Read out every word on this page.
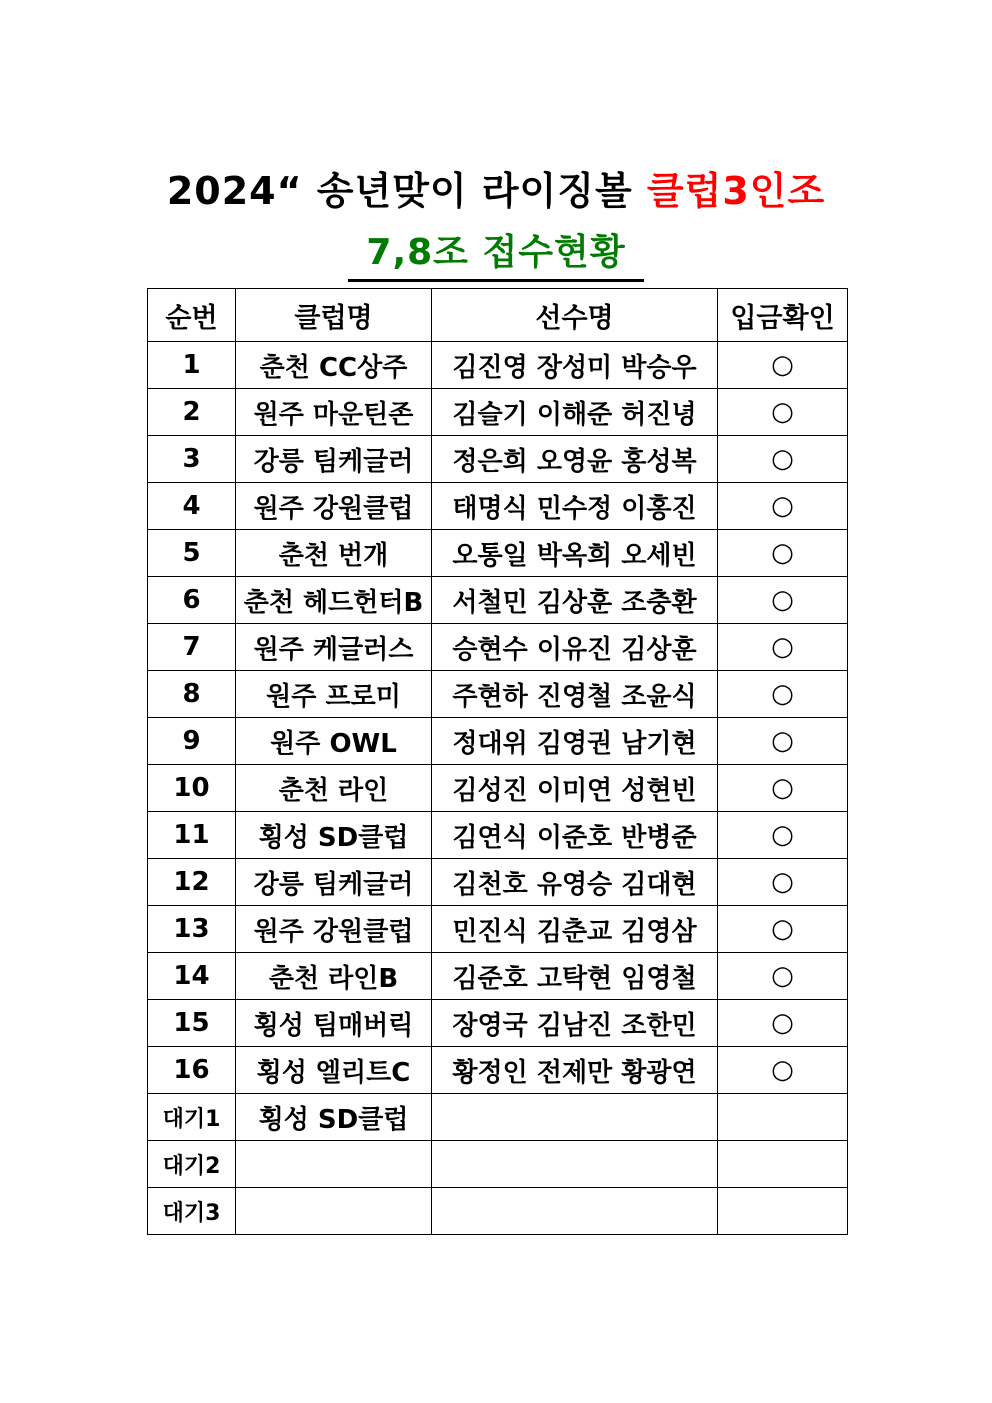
2024“ 송년맞이 라이징볼 클럽3인조
7,8조 접수현황
순번	클럽명	선수명	입금확인
1	춘천 CC상주	김진영 장성미 박승우	○
2	원주 마운틴존	김슬기 이해준 허진녕	○
3	강릉 팀케글러	정은희 오영윤 홍성복	○
4	원주 강원클럽	태명식 민수정 이홍진	○
5	춘천 번개	오통일 박옥희 오세빈	○
6	춘천 헤드헌터B	서철민 김상훈 조충환	○
7	원주 케글러스	승현수 이유진 김상훈	○
8	원주 프로미	주현하 진영철 조윤식	○
9	원주 OWL	정대위 김영권 남기현	○
10	춘천 라인	김성진 이미연 성현빈	○
11	횡성 SD클럽	김연식 이준호 반병준	○
12	강릉 팀케글러	김천호 유영승 김대현	○
13	원주 강원클럽	민진식 김춘교 김영삼	○
14	춘천 라인B	김준호 고탁현 임영철	○
15	횡성 팀매버릭	장영국 김남진 조한민	○
16	횡성 엘리트C	황정인 전제만 황광연	○
대기1	횡성 SD클럽		
대기2			
대기3			
